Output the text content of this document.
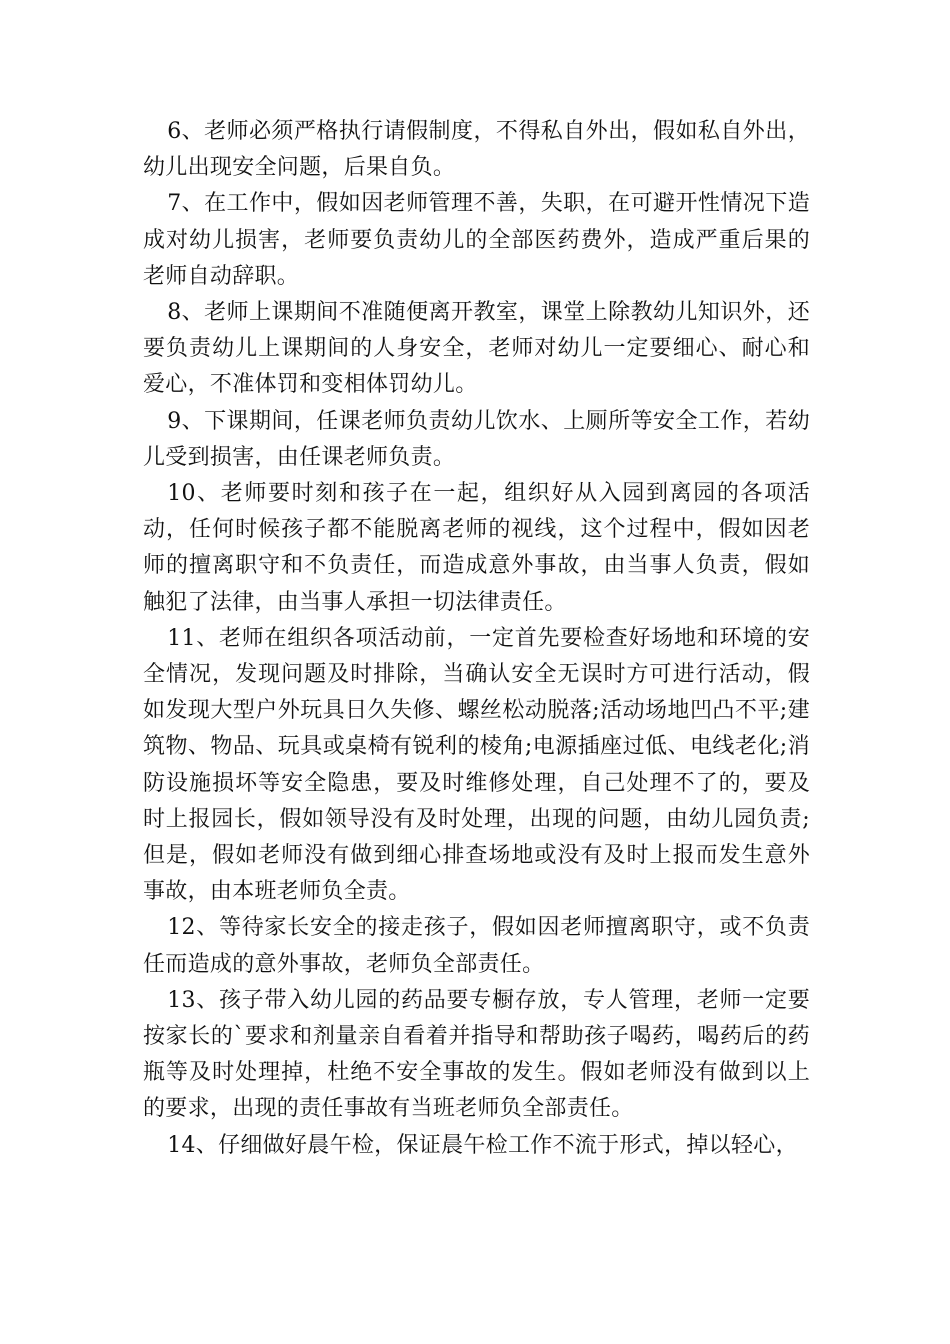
6、老师必须严格执行请假制度，不得私自外出，假如私自外出，幼儿出现安全问题，后果自负。

7、在工作中，假如因老师管理不善，失职，在可避开性情况下造成对幼儿损害，老师要负责幼儿的全部医药费外，造成严重后果的老师自动辞职。

8、老师上课期间不准随便离开教室，课堂上除教幼儿知识外，还要负责幼儿上课期间的人身安全，老师对幼儿一定要细心、耐心和爱心，不准体罚和变相体罚幼儿。

9、下课期间，任课老师负责幼儿饮水、上厕所等安全工作，若幼儿受到损害，由任课老师负责。

10、老师要时刻和孩子在一起，组织好从入园到离园的各项活动，任何时候孩子都不能脱离老师的视线，这个过程中，假如因老师的擅离职守和不负责任，而造成意外事故，由当事人负责，假如触犯了法律，由当事人承担一切法律责任。

11、老师在组织各项活动前，一定首先要检查好场地和环境的安全情况，发现问题及时排除，当确认安全无误时方可进行活动，假如发现大型户外玩具日久失修、螺丝松动脱落;活动场地凹凸不平;建筑物、物品、玩具或桌椅有锐利的棱角;电源插座过低、电线老化;消防设施损坏等安全隐患，要及时维修处理，自己处理不了的，要及时上报园长，假如领导没有及时处理，出现的问题，由幼儿园负责;但是，假如老师没有做到细心排查场地或没有及时上报而发生意外事故，由本班老师负全责。

12、等待家长安全的接走孩子，假如因老师擅离职守，或不负责任而造成的意外事故，老师负全部责任。

13、孩子带入幼儿园的药品要专橱存放，专人管理，老师一定要按家长的`要求和剂量亲自看着并指导和帮助孩子喝药，喝药后的药瓶等及时处理掉，杜绝不安全事故的发生。假如老师没有做到以上的要求，出现的责任事故有当班老师负全部责任。

14、仔细做好晨午检，保证晨午检工作不流于形式，掉以轻心，
